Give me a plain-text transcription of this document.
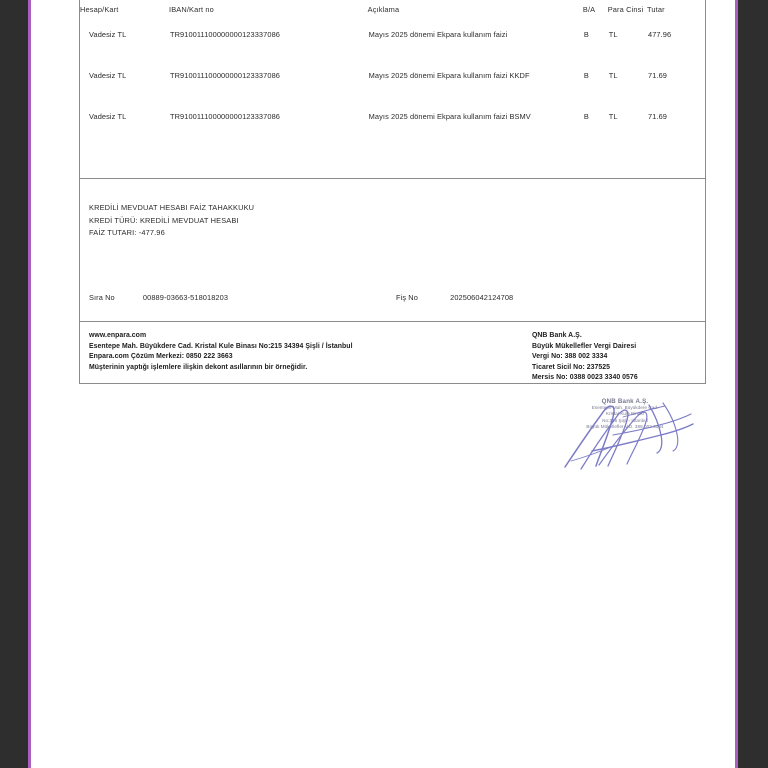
Hesap/Kart	IBAN/Kart no	Açıklama	B/A	Para Cinsi	Tutar

Vadesiz TL	TR910011100000000123337086	Mayıs 2025 dönemi Ekpara kullanım faizi	B	TL	477.96
Vadesiz TL	TR910011100000000123337086	Mayıs 2025 dönemi Ekpara kullanım faizi KKDF	B	TL	71.69
Vadesiz TL	TR910011100000000123337086	Mayıs 2025 dönemi Ekpara kullanım faizi BSMV	B	TL	71.69

KREDİLİ MEVDUAT HESABI FAİZ TAHAKKUKU
KREDİ TÜRÜ: KREDİLİ MEVDUAT HESABI
FAİZ TUTARI: -477.96
Sıra No	00889-03663-518018203	Fiş No	202506042124708
www.enpara.com
Esentepe Mah. Büyükdere Cad. Kristal Kule Binası No:215 34394 Şişli / İstanbul
Enpara.com Çözüm Merkezi: 0850 222 3663
Müşterinin yaptığı işlemlere ilişkin dekont asıllarının bir örneğidir.
QNB Bank A.Ş.
Büyük Mükellefler Vergi Dairesi
Vergi No: 388 002 3334
Ticaret Sicil No: 237525
Mersis No: 0388 0023 3340 0576
QNB Bank A.Ş.
Esentepe Mah. Büyükdere Cad.
Kristal Kule Binası
No:215 Şişli - İstanbul
Büyük Mükellefler V.D. 388 002 3334
